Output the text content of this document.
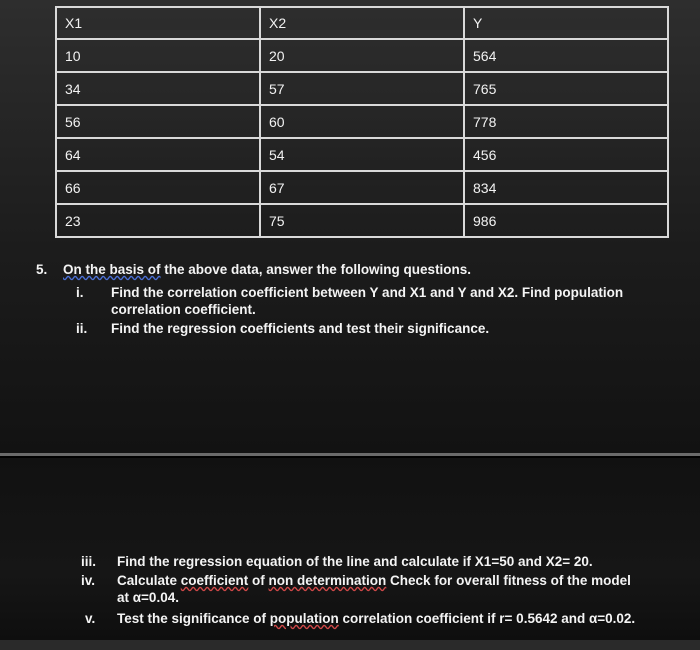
X1	X2	Y
10	20	564
34	57	765
56	60	778
64	54	456
66	67	834
23	75	986
5. On the basis of the above data, answer the following questions.
i. Find the correlation coefficient between Y and X1 and Y and X2. Find population
correlation coefficient.
ii. Find the regression coefficients and test their significance.
iii. Find the regression equation of the line and calculate if X1=50 and X2= 20.
iv. Calculate coefficient of non determination Check for overall fitness of the model
at α=0.04.
v. Test the significance of population correlation coefficient if r= 0.5642 and α=0.02.
